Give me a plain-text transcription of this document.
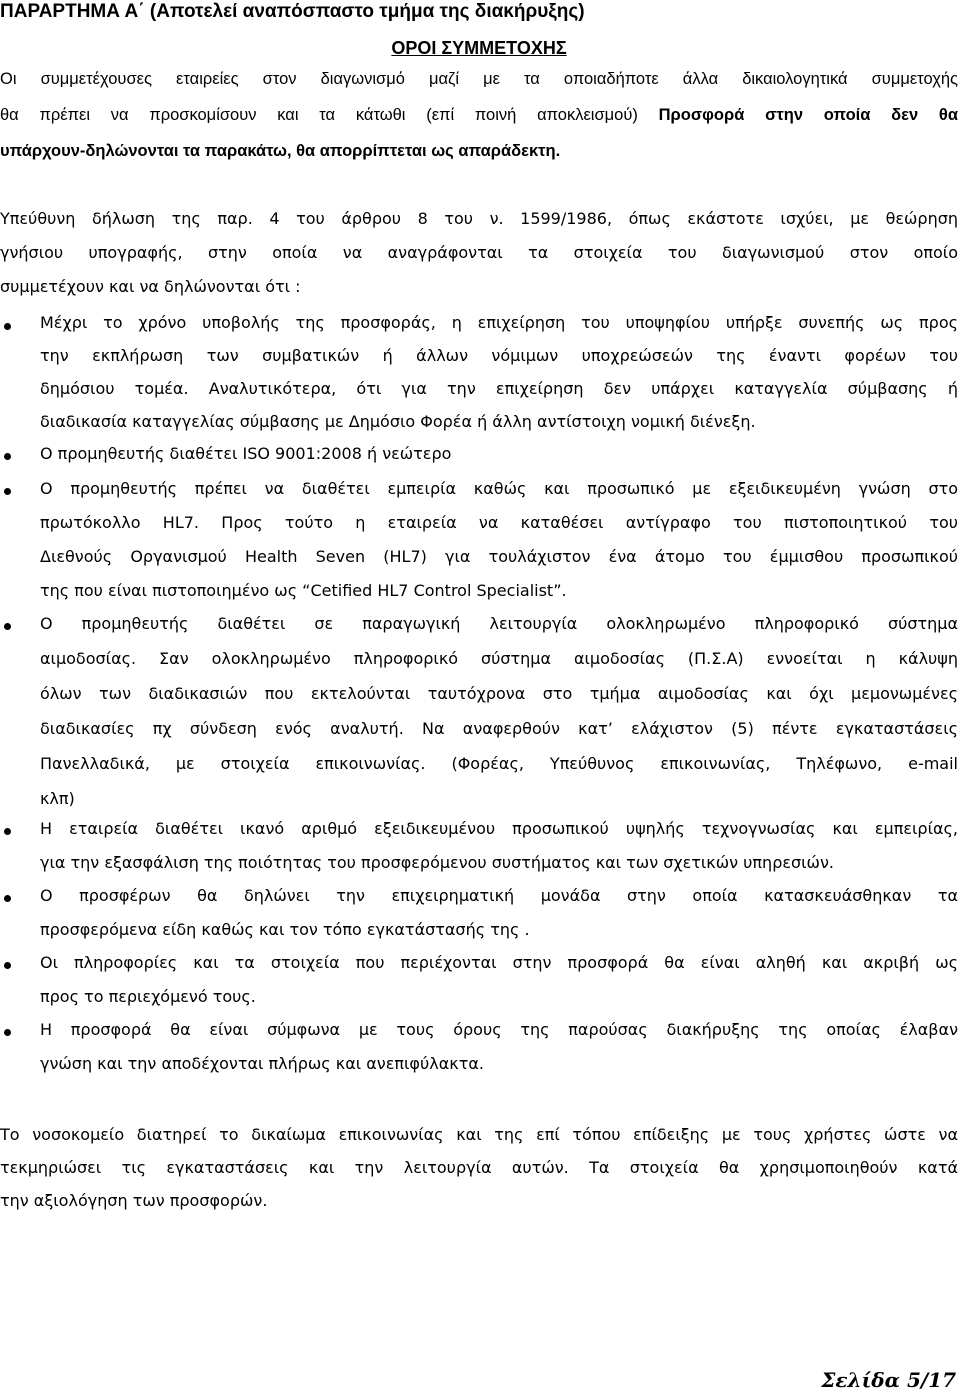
ΠΑΡΑΡΤΗΜΑ Α΄ (Αποτελεί αναπόσπαστο τμήμα της διακήρυξης)
ΟΡΟΙ ΣΥΜΜΕΤΟΧΗΣ
Οι συμμετέχουσες εταιρείες στον διαγωνισμό μαζί με τα οποιαδήποτε άλλα δικαιολογητικά συμμετοχής
θα πρέπει να προσκομίσουν και τα κάτωθι (επί ποινή αποκλεισμού) Προσφορά στην οποία δεν θα
υπάρχουν-δηλώνονται τα παρακάτω, θα απορρίπτεται ως απαράδεκτη.
Υπεύθυνη δήλωση της παρ. 4 του άρθρου 8 του ν. 1599/1986, όπως εκάστοτε ισχύει, με θεώρηση
γνήσιου υπογραφής, στην οποία να αναγράφονται τα στοιχεία του διαγωνισμού στον οποίο
συμμετέχουν και να δηλώνονται ότι :
Μέχρι το χρόνο υποβολής της προσφοράς, η επιχείρηση του υποψηφίου υπήρξε συνεπής ως προς
την εκπλήρωση των συμβατικών ή άλλων νόμιμων υποχρεώσεών της έναντι φορέων του
δημόσιου τομέα. Αναλυτικότερα, ότι για την επιχείρηση δεν υπάρχει καταγγελία σύμβασης ή
διαδικασία καταγγελίας σύμβασης με Δημόσιο Φορέα ή άλλη αντίστοιχη νομική διένεξη.
Ο προμηθευτής διαθέτει ISO 9001:2008 ή νεώτερο
Ο προμηθευτής πρέπει να διαθέτει εμπειρία καθώς και προσωπικό με εξειδικευμένη γνώση στο
πρωτόκολλο HL7. Προς τούτο η εταιρεία να καταθέσει αντίγραφο του πιστοποιητικού του
Διεθνούς Οργανισμού Health Seven (HL7) για τουλάχιστον ένα άτομο του έμμισθου προσωπικού
της που είναι πιστοποιημένο ως “Cetified HL7 Control Specialist”.
Ο προμηθευτής διαθέτει σε παραγωγική λειτουργία ολοκληρωμένο πληροφορικό σύστημα
αιμοδοσίας. Σαν ολοκληρωμένο πληροφορικό σύστημα αιμοδοσίας (Π.Σ.Α) εννοείται η κάλυψη
όλων των διαδικασιών που εκτελούνται ταυτόχρονα στο τμήμα αιμοδοσίας και όχι μεμονωμένες
διαδικασίες πχ σύνδεση ενός αναλυτή. Να αναφερθούν κατ’ ελάχιστον (5) πέντε εγκαταστάσεις
Πανελλαδικά, με στοιχεία επικοινωνίας. (Φορέας, Υπεύθυνος επικοινωνίας, Τηλέφωνο, e-mail
κλπ)
Η εταιρεία διαθέτει ικανό αριθμό εξειδικευμένου προσωπικού υψηλής τεχνογνωσίας και εμπειρίας,
για την εξασφάλιση της ποιότητας του προσφερόμενου συστήματος και των σχετικών υπηρεσιών.
Ο προσφέρων θα δηλώνει την επιχειρηματική μονάδα στην οποία κατασκευάσθηκαν τα
προσφερόμενα είδη καθώς και τον τόπο εγκατάστασής της .
Οι πληροφορίες και τα στοιχεία που περιέχονται στην προσφορά θα είναι αληθή και ακριβή ως
προς το περιεχόμενό τους.
Η προσφορά θα είναι σύμφωνα με τους όρους της παρούσας διακήρυξης της οποίας έλαβαν
γνώση και την αποδέχονται πλήρως και ανεπιφύλακτα.
Το νοσοκομείο διατηρεί το δικαίωμα επικοινωνίας και της επί τόπου επίδειξης με τους χρήστες ώστε να
τεκμηριώσει τις εγκαταστάσεις και την λειτουργία αυτών. Τα στοιχεία θα χρησιμοποιηθούν κατά
την αξιολόγηση των προσφορών.
Σελίδα 5/17
